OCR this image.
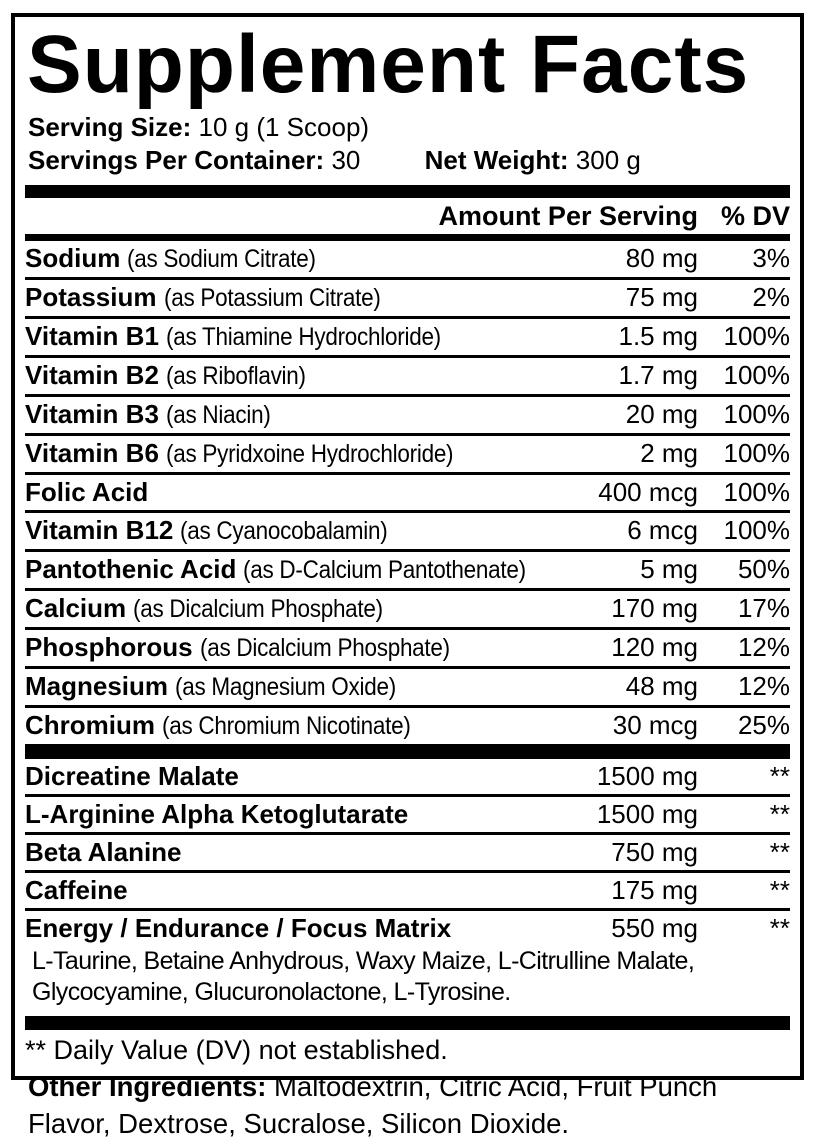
Supplement Facts
Serving Size: 10 g (1 Scoop)
Servings Per Container: 30 Net Weight: 300 g
Amount Per Serving % DV
Sodium (as Sodium Citrate)	80 mg	3%
Potassium (as Potassium Citrate)	75 mg	2%
Vitamin B1 (as Thiamine Hydrochloride)	1.5 mg 100%
Vitamin B2 (as Riboflavin)	1.7 mg 100%
Vitamin B3 (as Niacin)	20 mg 100%
Vitamin B6 (as Pyridxoine Hydrochloride)	2 mg 100%
Folic Acid	400 mcg 100%
Vitamin B12 (as Cyanocobalamin)	6 mcg 100%
Pantothenic Acid (as D-Calcium Pantothenate)	5 mg	50%
Calcium (as Dicalcium Phosphate)	170 mg	17%
Phosphorous (as Dicalcium Phosphate)	120 mg	12%
Magnesium (as Magnesium Oxide)	48 mg	12%
Chromium (as Chromium Nicotinate)	30 mcg	25%
Dicreatine Malate	1500 mg	**
L-Arginine Alpha Ketoglutarate	1500 mg	**
Beta Alanine	750 mg	**
Caffeine	175 mg	**
Energy / Endurance / Focus Matrix	550 mg	**
L-Taurine, Betaine Anhydrous, Waxy Maize, L-Citrulline Malate, Glycocyamine, Glucuronolactone, L-Tyrosine.
** Daily Value (DV) not established.
Other Ingredients: Maltodextrin, Citric Acid, Fruit Punch Flavor, Dextrose, Sucralose, Silicon Dioxide.
